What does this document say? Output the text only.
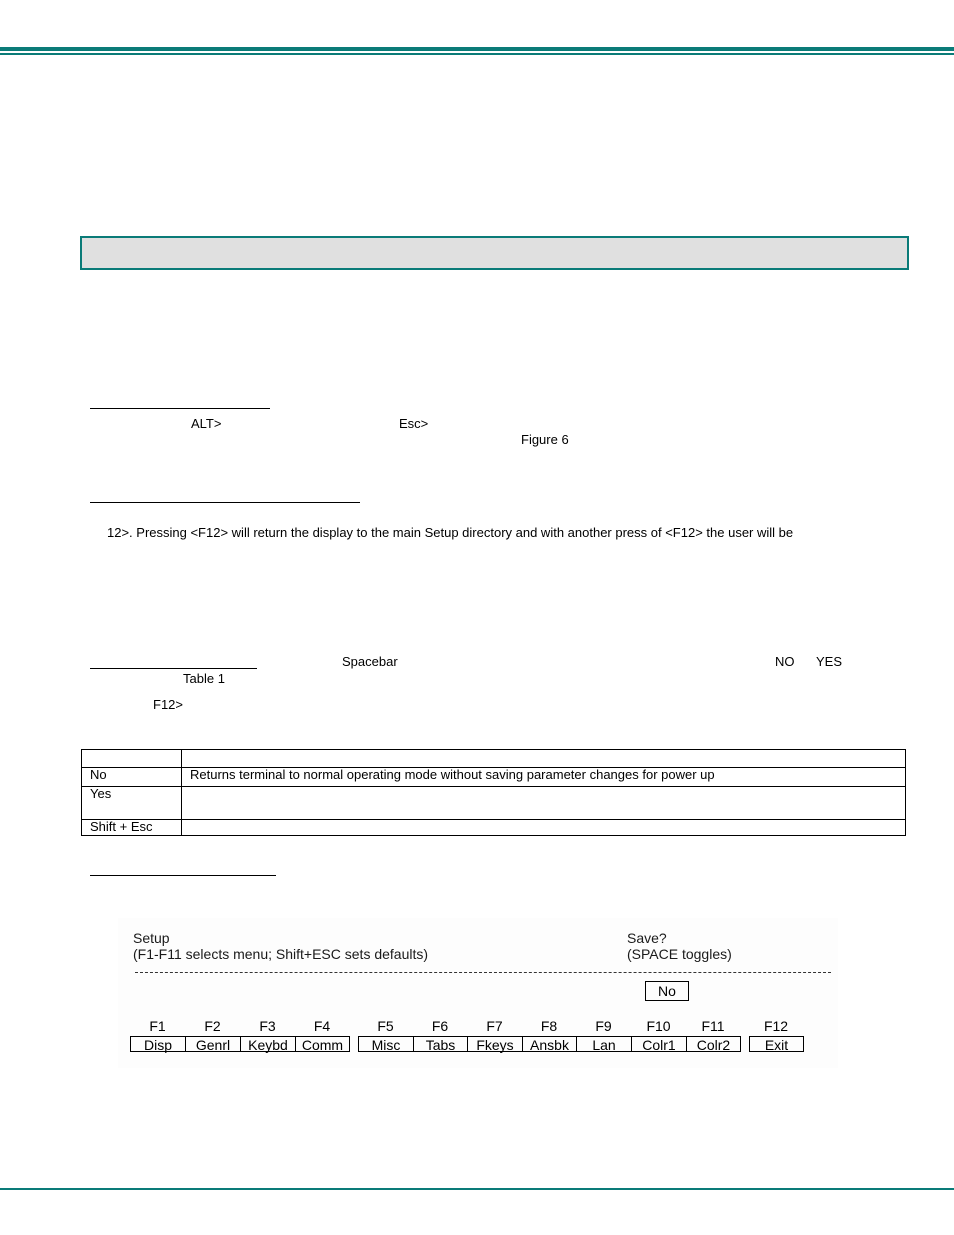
ALT>	Esc>
Figure 6
12>. Pressing <F12> will return the display to the main Setup directory and with another press of <F12> the user will be
Spacebar	NO YES
Table 1
F12>

No	Returns terminal to normal operating mode without saving parameter changes for power up
Yes	
Shift + Esc	
Setup
(F1-F11 selects menu; Shift+ESC sets defaults)
Save?
(SPACE toggles)
No
F1	F2	F3	F4	F5	F6	F7	F8	F9	F10	F11	F12
Disp	Genrl	Keybd	Comm	Misc	Tabs	Fkeys	Ansbk	Lan	Colr1	Colr2	Exit
